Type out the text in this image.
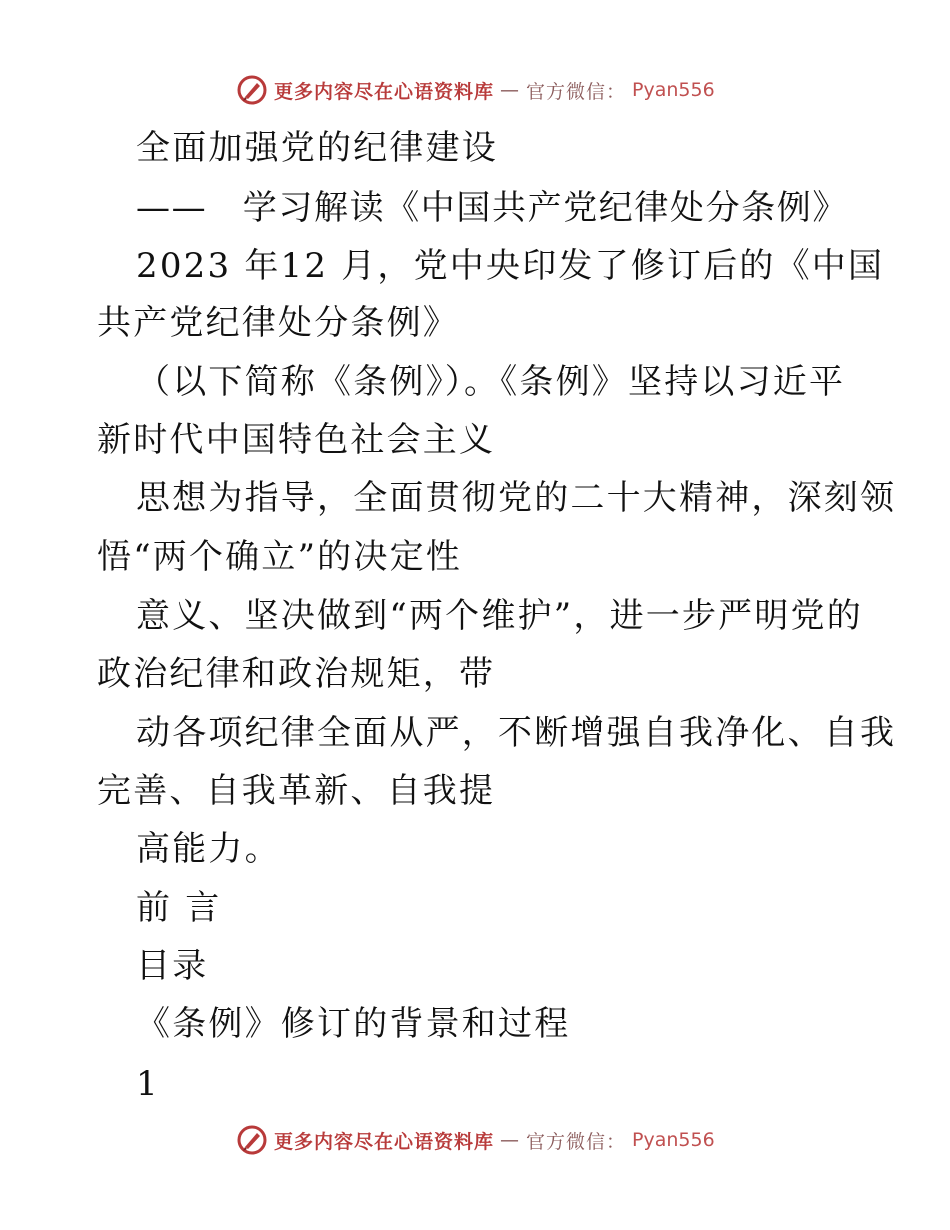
更多内容尽在心语资料库 — 官方微信： Pyan556
全面加强党的纪律建设
——　学习解读《中国共产党纪律处分条例》
2023 年12 月，党中央印发了修订后的《中国
共产党纪律处分条例》
（以下简称《条例》）。《条例》坚持以习近平
新时代中国特色社会主义
思想为指导，全面贯彻党的二十大精神，深刻领
悟“两个确立”的决定性
意义、坚决做到“两个维护”，进一步严明党的
政治纪律和政治规矩，带
动各项纪律全面从严，不断增强自我净化、自我
完善、自我革新、自我提
高能力。
前 言
目录
《条例》修订的背景和过程
1
更多内容尽在心语资料库 — 官方微信： Pyan556
